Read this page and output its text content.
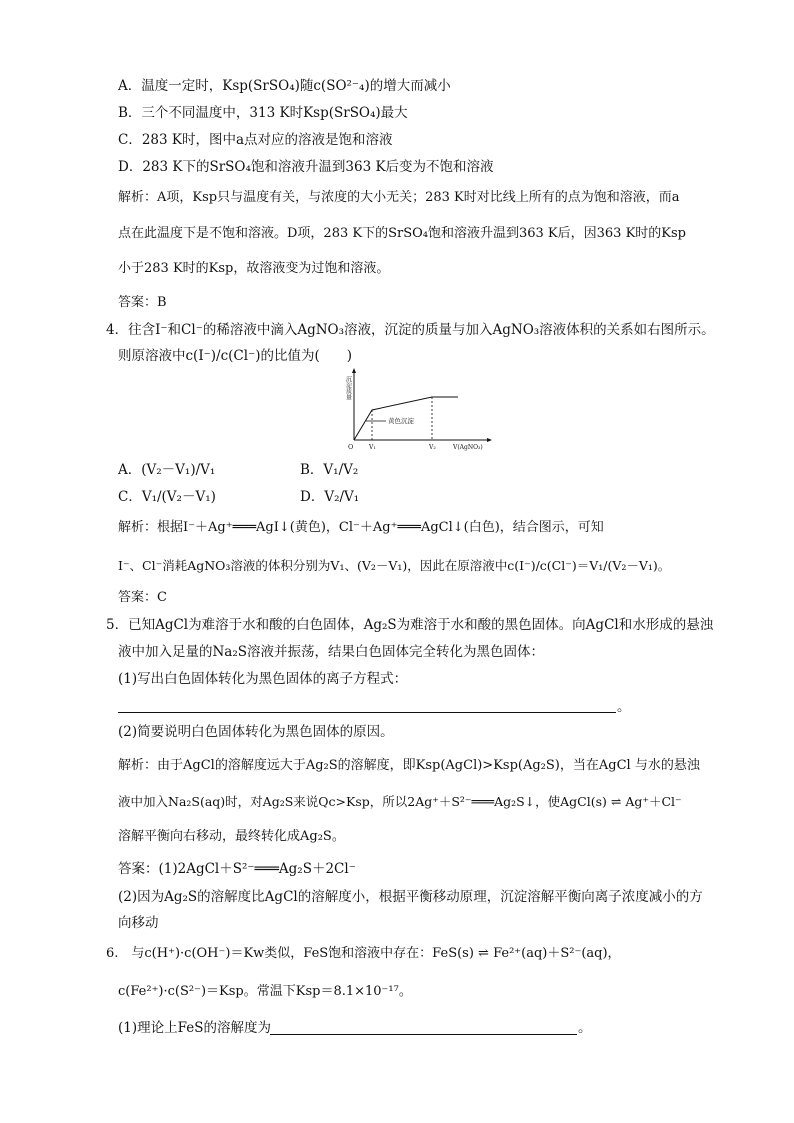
A．温度一定时，Ksp(SrSO₄)随c(SO²⁻₄)的增大而减小
B．三个不同温度中，313 K时Ksp(SrSO₄)最大
C．283 K时，图中a点对应的溶液是饱和溶液
D．283 K下的SrSO₄饱和溶液升温到363 K后变为不饱和溶液
解析：A项，Ksp只与温度有关，与浓度的大小无关；283 K时对比线上所有的点为饱和溶液，而a
点在此温度下是不饱和溶液。D项，283 K下的SrSO₄饱和溶液升温到363 K后，因363 K时的Ksp
小于283 K时的Ksp，故溶液变为过饱和溶液。
答案：B
4．往含I⁻和Cl⁻的稀溶液中滴入AgNO₃溶液，沉淀的质量与加入AgNO₃溶液体积的关系如右图所示。
则原溶液中c(I⁻)/c(Cl⁻)的比值为(　　)
沉淀质量
黄色沉淀
O	V₁	V₂	V(AgNO₃)
A．(V₂－V₁)/V₁	B．V₁/V₂
C．V₁/(V₂－V₁)	D．V₂/V₁
解析：根据I⁻＋Ag⁺═══AgI↓(黄色)，Cl⁻＋Ag⁺═══AgCl↓(白色)，结合图示，可知
I⁻、Cl⁻消耗AgNO₃溶液的体积分别为V₁、(V₂－V₁)，因此在原溶液中c(I⁻)/c(Cl⁻)＝V₁/(V₂－V₁)。
答案：C
5．已知AgCl为难溶于水和酸的白色固体，Ag₂S为难溶于水和酸的黑色固体。向AgCl和水形成的悬浊
液中加入足量的Na₂S溶液并振荡，结果白色固体完全转化为黑色固体：
(1)写出白色固体转化为黑色固体的离子方程式：
。
(2)简要说明白色固体转化为黑色固体的原因。
解析：由于AgCl的溶解度远大于Ag₂S的溶解度，即Ksp(AgCl)>Ksp(Ag₂S)，当在AgCl 与水的悬浊
液中加入Na₂S(aq)时，对Ag₂S来说Qc>Ksp，所以2Ag⁺＋S²⁻═══Ag₂S↓，使AgCl(s) ⇌ Ag⁺＋Cl⁻
溶解平衡向右移动，最终转化成Ag₂S。
答案：(1)2AgCl＋S²⁻═══Ag₂S＋2Cl⁻
(2)因为Ag₂S的溶解度比AgCl的溶解度小，根据平衡移动原理，沉淀溶解平衡向离子浓度减小的方
向移动
6.　与c(H⁺)·c(OH⁻)＝Kw类似，FeS饱和溶液中存在：FeS(s) ⇌ Fe²⁺(aq)＋S²⁻(aq)，
c(Fe²⁺)·c(S²⁻)＝Ksp。常温下Ksp＝8.1×10⁻¹⁷。
(1)理论上FeS的溶解度为	。
